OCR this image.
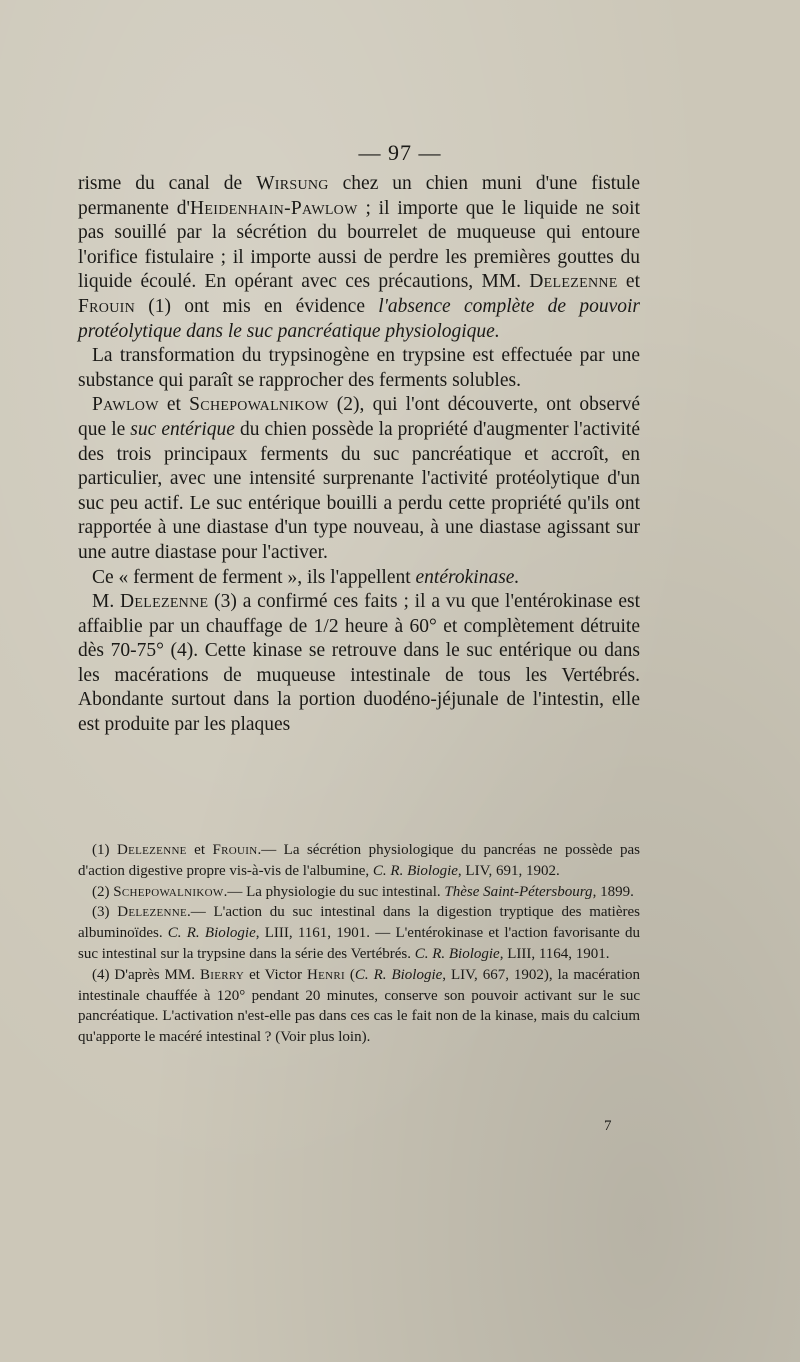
— 97 —

risme du canal de Wirsung chez un chien muni d'une fistule permanente d'Heidenhain-Pawlow ; il importe que le liquide ne soit pas souillé par la sécrétion du bourrelet de muqueuse qui entoure l'orifice fistulaire ; il importe aussi de perdre les premières gouttes du liquide écoulé. En opérant avec ces précautions, MM. Delezenne et Frouin (1) ont mis en évidence l'absence complète de pouvoir protéolytique dans le suc pancréatique physiologique.

La transformation du trypsinogène en trypsine est effectuée par une substance qui paraît se rapprocher des ferments solubles.

Pawlow et Schepowalnikow (2), qui l'ont découverte, ont observé que le suc entérique du chien possède la propriété d'augmenter l'activité des trois principaux ferments du suc pancréatique et accroît, en particulier, avec une intensité surprenante l'activité protéolytique d'un suc peu actif. Le suc entérique bouilli a perdu cette propriété qu'ils ont rapportée à une diastase d'un type nouveau, à une diastase agissant sur une autre diastase pour l'activer.

Ce « ferment de ferment », ils l'appellent entérokinase.

M. Delezenne (3) a confirmé ces faits ; il a vu que l'entérokinase est affaiblie par un chauffage de 1/2 heure à 60° et complètement détruite dès 70-75° (4). Cette kinase se retrouve dans le suc entérique ou dans les macérations de muqueuse intestinale de tous les Vertébrés. Abondante surtout dans la portion duodéno-jéjunale de l'intestin, elle est produite par les plaques

(1) Delezenne et Frouin.— La sécrétion physiologique du pancréas ne possède pas d'action digestive propre vis-à-vis de l'albumine, C. R. Biologie, LIV, 691, 1902.

(2) Schepowalnikow.— La physiologie du suc intestinal. Thèse Saint-Pétersbourg, 1899.

(3) Delezenne.— L'action du suc intestinal dans la digestion tryptique des matières albuminoïdes. C. R. Biologie, LIII, 1161, 1901. — L'entérokinase et l'action favorisante du suc intestinal sur la trypsine dans la série des Vertébrés. C. R. Biologie, LIII, 1164, 1901.

(4) D'après MM. Bierry et Victor Henri (C. R. Biologie, LIV, 667, 1902), la macération intestinale chauffée à 120° pendant 20 minutes, conserve son pouvoir activant sur le suc pancréatique. L'activation n'est-elle pas dans ces cas le fait non de la kinase, mais du calcium qu'apporte le macéré intestinal ? (Voir plus loin).

7
